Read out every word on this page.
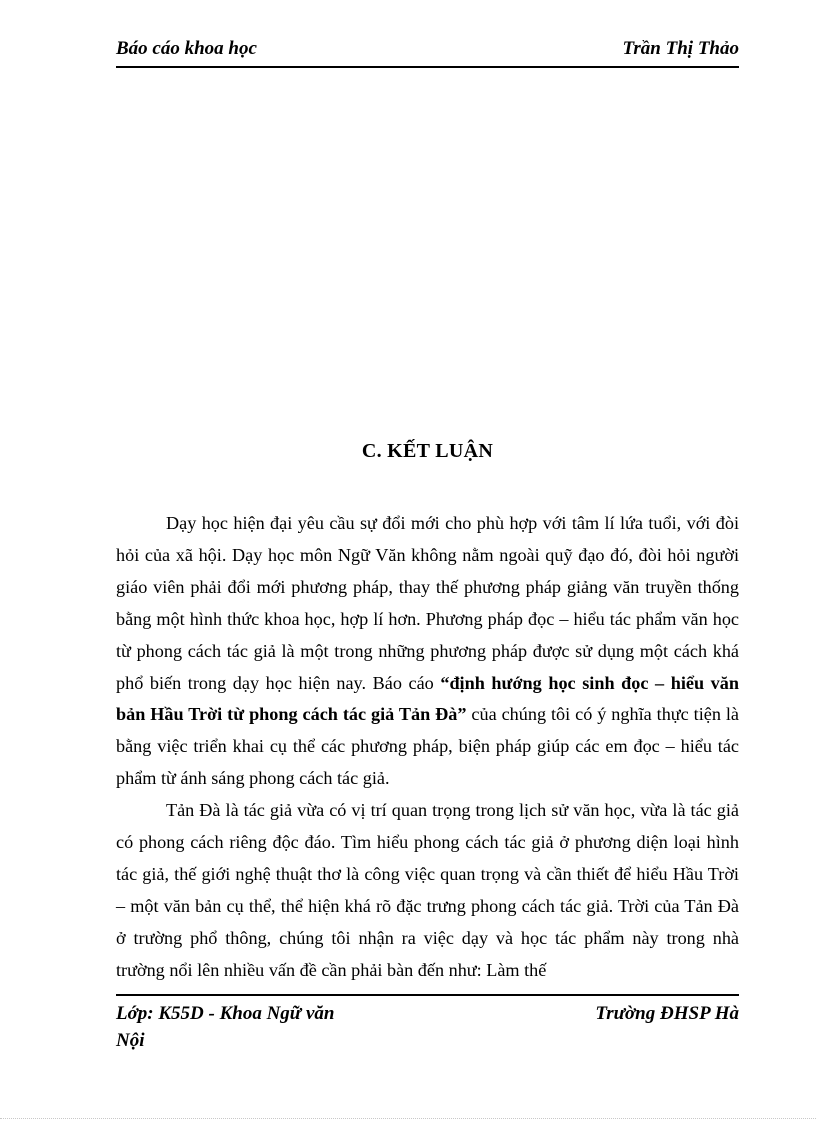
Báo cáo khoa học	Trần Thị Thảo
C. KẾT LUẬN

Dạy học hiện đại yêu cầu sự đổi mới cho phù hợp với tâm lí lứa tuổi, với đòi hỏi của xã hội. Dạy học môn Ngữ Văn không nằm ngoài quỹ đạo đó, đòi hỏi người giáo viên phải đổi mới phương pháp, thay thế phương pháp giảng văn truyền thống bằng một hình thức khoa học, hợp lí hơn. Phương pháp đọc – hiểu tác phẩm văn học từ phong cách tác giả là một trong những phương pháp được sử dụng một cách khá phổ biến trong dạy học hiện nay. Báo cáo “định hướng học sinh đọc – hiểu văn bản Hầu Trời từ phong cách tác giả Tản Đà” của chúng tôi có ý nghĩa thực tiện là bằng việc triển khai cụ thể các phương pháp, biện pháp giúp các em đọc – hiểu tác phẩm từ ánh sáng phong cách tác giả.

Tản Đà là tác giả vừa có vị trí quan trọng trong lịch sử văn học, vừa là tác giả có phong cách riêng độc đáo. Tìm hiểu phong cách tác giả ở phương diện loại hình tác giả, thế giới nghệ thuật thơ là công việc quan trọng và cần thiết để hiểu Hầu Trời – một văn bản cụ thể, thể hiện khá rõ đặc trưng phong cách tác giả. Trời của Tản Đà ở trường phổ thông, chúng tôi nhận ra việc dạy và học tác phẩm này trong nhà trường nổi lên nhiều vấn đề cần phải bàn đến như: Làm thế

Lớp: K55D - Khoa Ngữ văn	Trường ĐHSP Hà
Nội
